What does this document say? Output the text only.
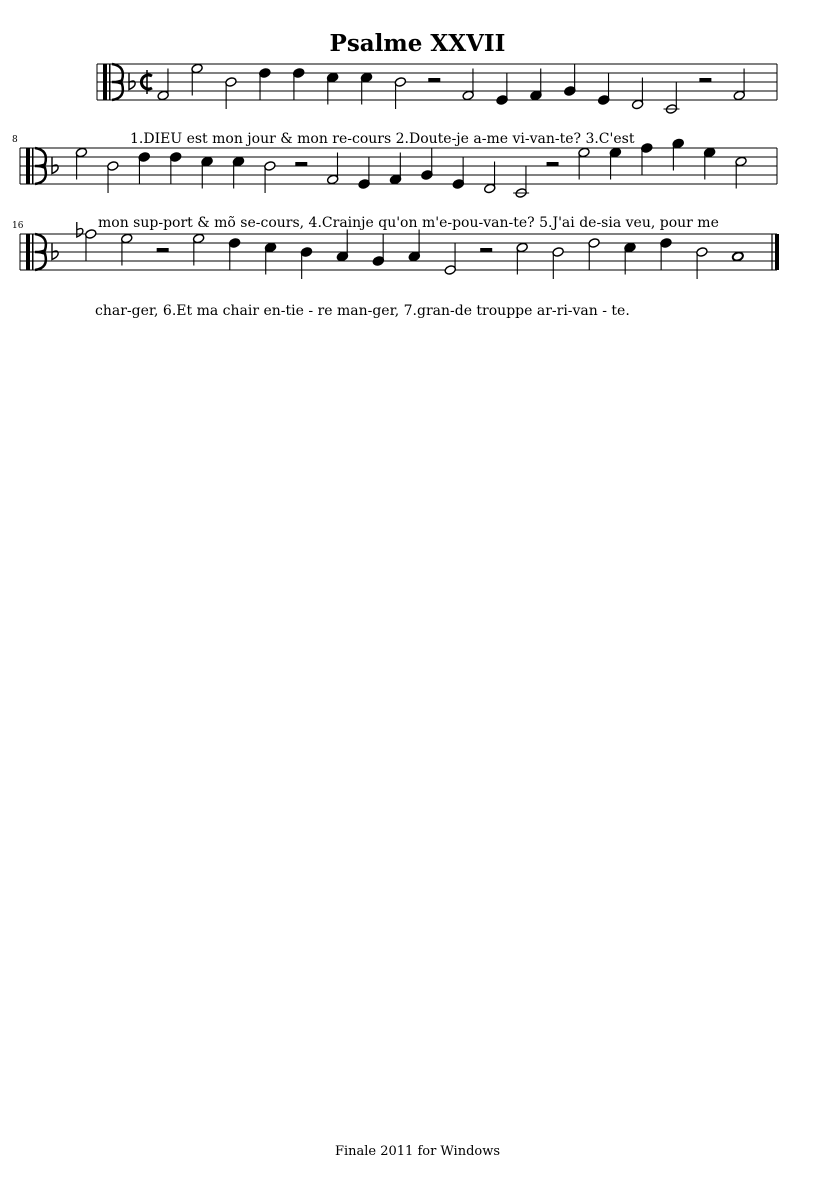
Psalme XXVII
8
16
1.DIEU est mon jour & mon re-cours 2.Doute-je a-me vi-van-te? 3.C'est
mon sup-port & mõ se-cours, 4.Crainje qu'on m'e-pou-van-te? 5.J'ai de-sia veu, pour me
char-ger, 6.Et ma chair en-tie - re man-ger, 7.gran-de trouppe ar-ri-van - te.
Finale 2011 for Windows
